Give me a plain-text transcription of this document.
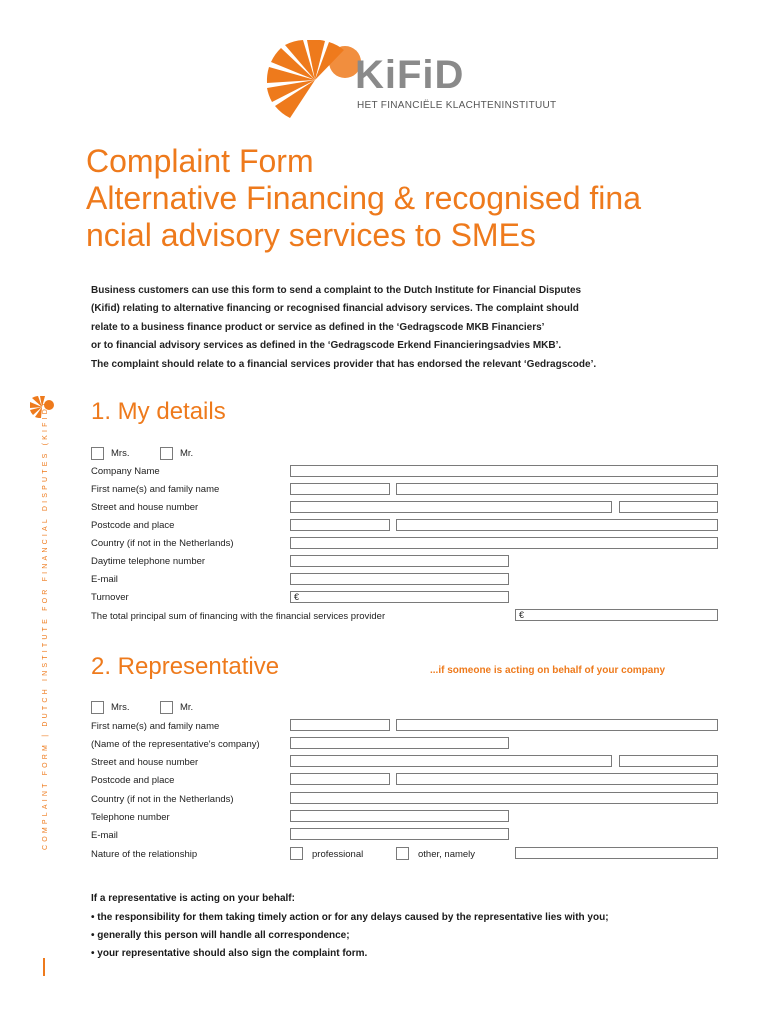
KiFiD
HET FINANCIËLE KLACHTENINSTITUUT
Complaint Form
Alternative Financing & recognised fina
ncial advisory services to SMEs
Business customers can use this form to send a complaint to the Dutch Institute for Financial Disputes
(Kifid) relating to alternative financing or recognised financial advisory services. The complaint should
relate to a business finance product or service as defined in the ‘Gedragscode MKB Financiers’
or to financial advisory services as defined in the ‘Gedragscode Erkend Financieringsadvies MKB’.
The complaint should relate to a financial services provider that has endorsed the relevant ‘Gedragscode’.
COMPLAINT FORM | DUTCH INSTITUTE FOR FINANCIAL DISPUTES (KIFID)
1
1. My details
Mrs.	Mr.
Company Name
First name(s) and family name
Street and house number
Postcode and place
Country (if not in the Netherlands)
Daytime telephone number
E-mail
Turnover	€
The total principal sum of financing with the financial services provider	€
2. Representative	...if someone is acting on behalf of your company
Mrs.	Mr.
First name(s) and family name
(Name of the representative's company)
Street and house number
Postcode and place
Country (if not in the Netherlands)
Telephone number
E-mail
Nature of the relationship	professional	other, namely
If a representative is acting on your behalf:
• the responsibility for them taking timely action or for any delays caused by the representative lies with you;
• generally this person will handle all correspondence;
• your representative should also sign the complaint form.
